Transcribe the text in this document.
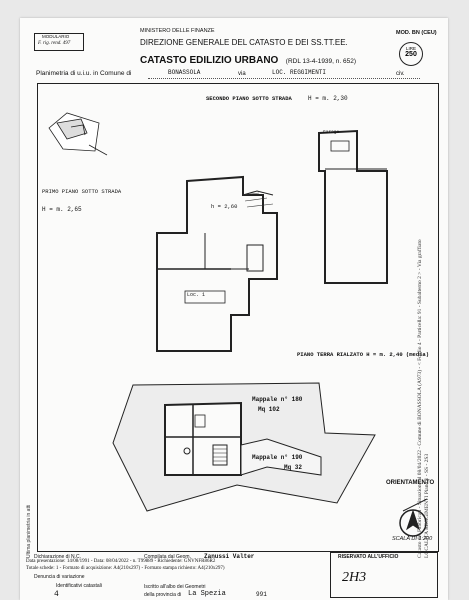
MODULARIO
F. rig. rend. 497
MINISTERO DELLE FINANZE
DIREZIONE GENERALE DEL CATASTO E DEI SS.TT.EE.
CATASTO EDILIZIO URBANO (RDL 13-4-1939, n. 652)
MOD. BN (CEU)
LIRE
250
Planimetria di u.i.u. in Comune di	BONASSOLA	via	LOC. REGGIMENTI	civ.
SECONDO PIANO SOTTO STRADA	H = m. 2,30
PRIMO PIANO SOTTO STRADA
H = m. 2,65	h = 2,60
Loc. 1
Garage
PIANO TERRA RIALZATO H = m. 2,40 (media)
Mappale n° 180
Mq 102
Mappale n° 190
Mq 32
ORIENTAMENTO
SCALA DI 1:200
Catasto dei Fabbricati - Situazione al 08/04/2022 - Comune di BONASSOLA (A973) - < Foglio 4 - Particella: 91 - Subalterno 2 > - Via graffiato LOCALITA REGGIMENTI Piano 1 - SS - 2S3
Ultima planimetria in atti
Data presentazione: 14/08/1991 - Data: 08/04/2022 - n. T99889 - Richiedente: GNVNFR86R2
Totale schede: 1 - Formato di acquisizione: A4(210x297) - Formato stampa richiesto: A4(210x297)
Dichiarazione di N.C.	Compilata dal Geom. Zanussi Valter
Denuncia di variazione
Identificativi catastali
4
Iscritto all'albo dei Geometri
della provincia di La Spezia	991
RISERVATO ALL'UFFICIO
2H3
